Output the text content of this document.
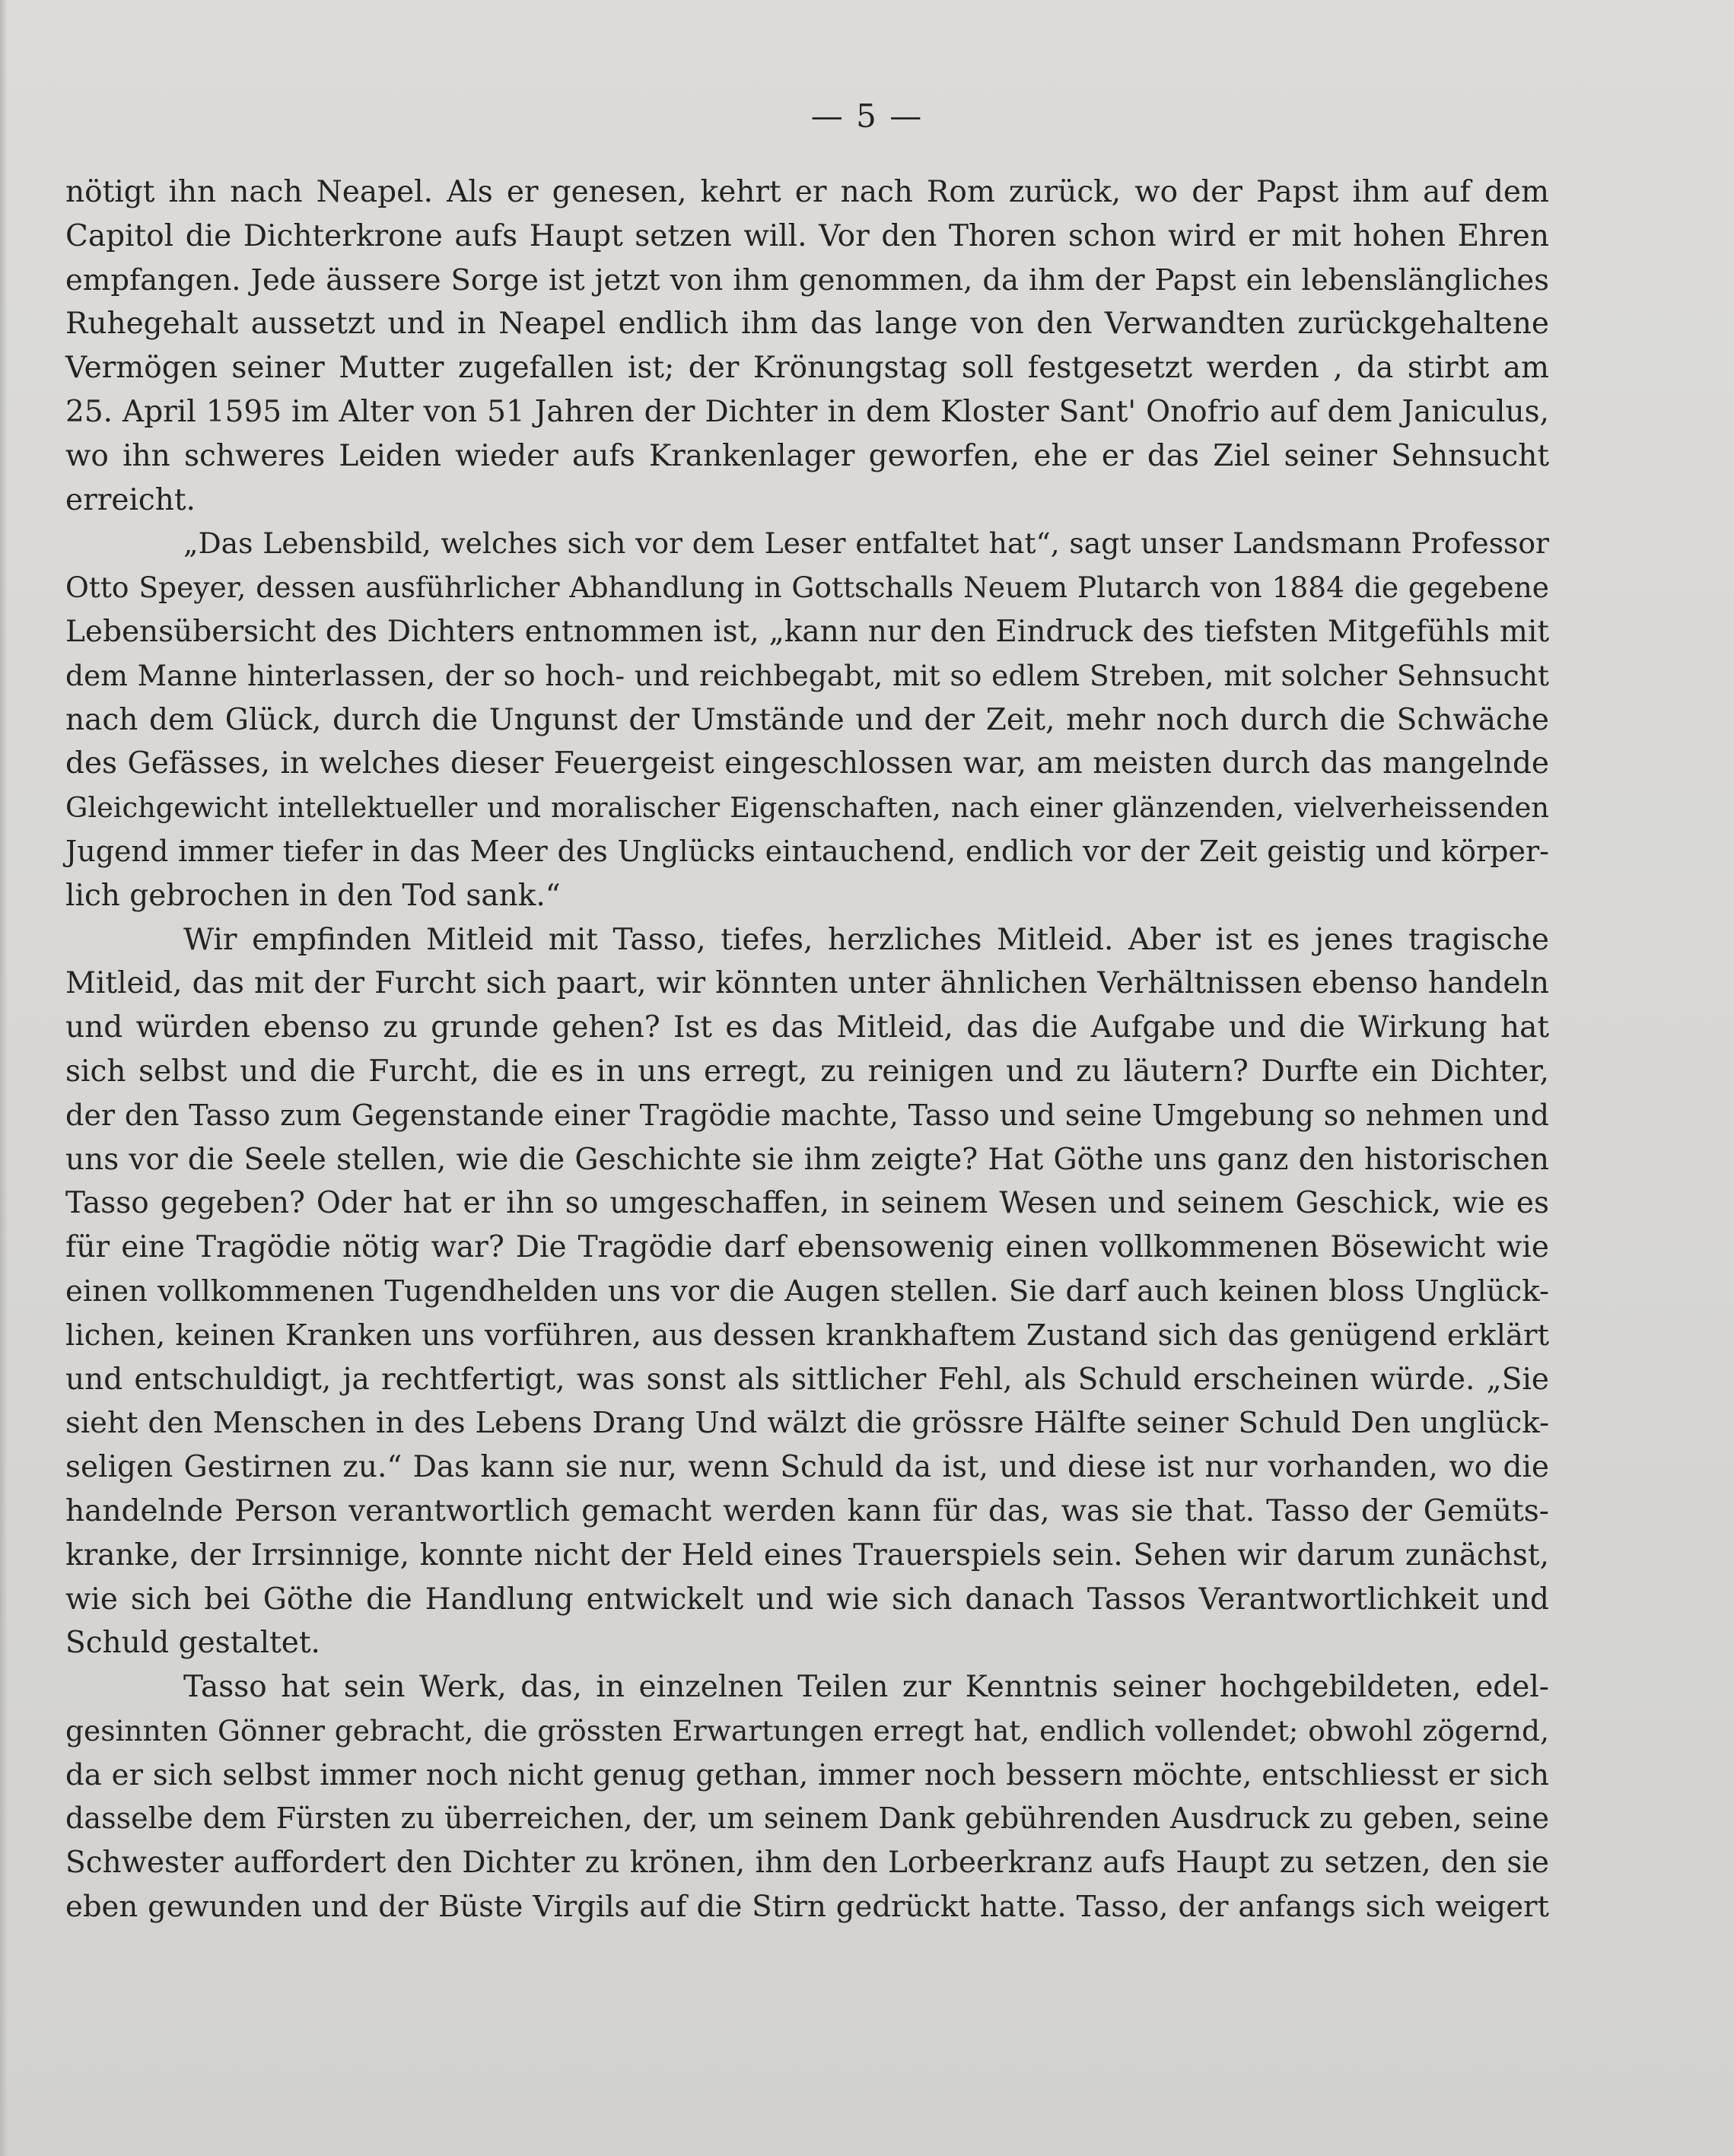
— 5 —
nötigt ihn nach Neapel. Als er genesen, kehrt er nach Rom zurück, wo der Papst ihm auf dem
Capitol die Dichterkrone aufs Haupt setzen will. Vor den Thoren schon wird er mit hohen Ehren
empfangen. Jede äussere Sorge ist jetzt von ihm genommen, da ihm der Papst ein lebenslängliches
Ruhegehalt aussetzt und in Neapel endlich ihm das lange von den Verwandten zurückgehaltene
Vermögen seiner Mutter zugefallen ist; der Krönungstag soll festgesetzt werden , da stirbt am
25. April 1595 im Alter von 51 Jahren der Dichter in dem Kloster Sant' Onofrio auf dem Janiculus,
wo ihn schweres Leiden wieder aufs Krankenlager geworfen, ehe er das Ziel seiner Sehnsucht
erreicht.
„Das Lebensbild, welches sich vor dem Leser entfaltet hat“, sagt unser Landsmann Professor
Otto Speyer, dessen ausführlicher Abhandlung in Gottschalls Neuem Plutarch von 1884 die gegebene
Lebensübersicht des Dichters entnommen ist, „kann nur den Eindruck des tiefsten Mitgefühls mit
dem Manne hinterlassen, der so hoch- und reichbegabt, mit so edlem Streben, mit solcher Sehnsucht
nach dem Glück, durch die Ungunst der Umstände und der Zeit, mehr noch durch die Schwäche
des Gefässes, in welches dieser Feuergeist eingeschlossen war, am meisten durch das mangelnde
Gleichgewicht intellektueller und moralischer Eigenschaften, nach einer glänzenden, vielverheissenden
Jugend immer tiefer in das Meer des Unglücks eintauchend, endlich vor der Zeit geistig und körper-
lich gebrochen in den Tod sank.“
Wir empfinden Mitleid mit Tasso, tiefes, herzliches Mitleid. Aber ist es jenes tragische
Mitleid, das mit der Furcht sich paart, wir könnten unter ähnlichen Verhältnissen ebenso handeln
und würden ebenso zu grunde gehen? Ist es das Mitleid, das die Aufgabe und die Wirkung hat
sich selbst und die Furcht, die es in uns erregt, zu reinigen und zu läutern? Durfte ein Dichter,
der den Tasso zum Gegenstande einer Tragödie machte, Tasso und seine Umgebung so nehmen und
uns vor die Seele stellen, wie die Geschichte sie ihm zeigte? Hat Göthe uns ganz den historischen
Tasso gegeben? Oder hat er ihn so umgeschaffen, in seinem Wesen und seinem Geschick, wie es
für eine Tragödie nötig war? Die Tragödie darf ebensowenig einen vollkommenen Bösewicht wie
einen vollkommenen Tugendhelden uns vor die Augen stellen. Sie darf auch keinen bloss Unglück-
lichen, keinen Kranken uns vorführen, aus dessen krankhaftem Zustand sich das genügend erklärt
und entschuldigt, ja rechtfertigt, was sonst als sittlicher Fehl, als Schuld erscheinen würde. „Sie
sieht den Menschen in des Lebens Drang Und wälzt die grössre Hälfte seiner Schuld Den unglück-
seligen Gestirnen zu.“ Das kann sie nur, wenn Schuld da ist, und diese ist nur vorhanden, wo die
handelnde Person verantwortlich gemacht werden kann für das, was sie that. Tasso der Gemüts-
kranke, der Irrsinnige, konnte nicht der Held eines Trauerspiels sein. Sehen wir darum zunächst,
wie sich bei Göthe die Handlung entwickelt und wie sich danach Tassos Verantwortlichkeit und
Schuld gestaltet.
Tasso hat sein Werk, das, in einzelnen Teilen zur Kenntnis seiner hochgebildeten, edel-
gesinnten Gönner gebracht, die grössten Erwartungen erregt hat, endlich vollendet; obwohl zögernd,
da er sich selbst immer noch nicht genug gethan, immer noch bessern möchte, entschliesst er sich
dasselbe dem Fürsten zu überreichen, der, um seinem Dank gebührenden Ausdruck zu geben, seine
Schwester auffordert den Dichter zu krönen, ihm den Lorbeerkranz aufs Haupt zu setzen, den sie
eben gewunden und der Büste Virgils auf die Stirn gedrückt hatte. Tasso, der anfangs sich weigert
